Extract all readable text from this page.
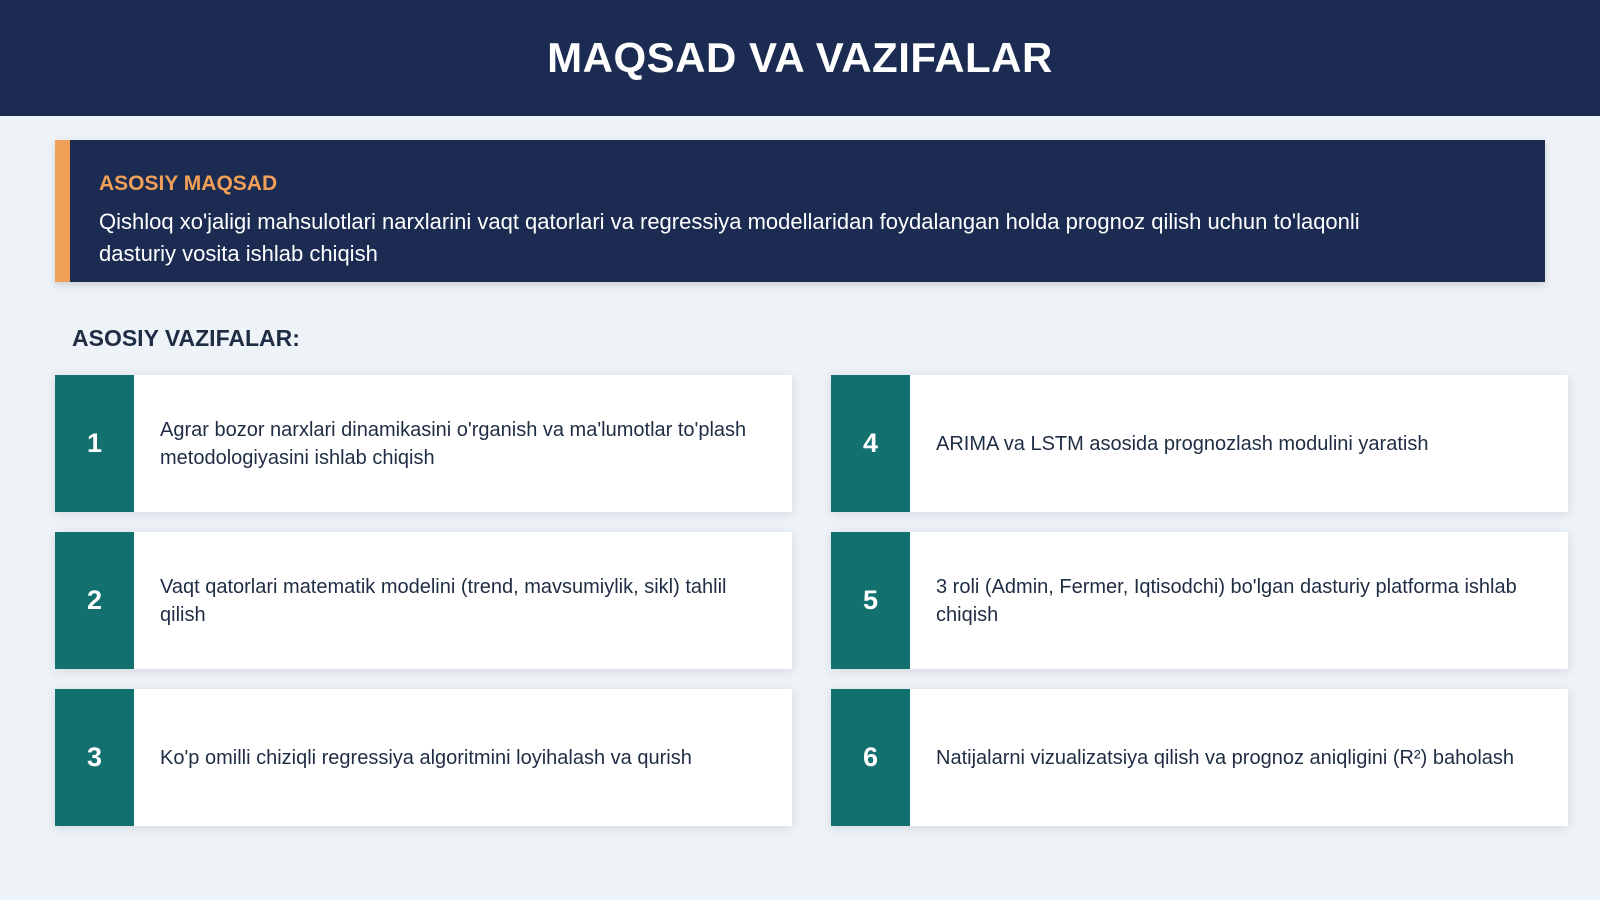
MAQSAD VA VAZIFALAR
ASOSIY MAQSAD
Qishloq xo'jaligi mahsulotlari narxlarini vaqt qatorlari va regressiya modellaridan foydalangan holda prognoz qilish uchun to'laqonli dasturiy vosita ishlab chiqish
ASOSIY VAZIFALAR:
1	Agrar bozor narxlari dinamikasini o'rganish va ma'lumotlar to'plash metodologiyasini ishlab chiqish
2	Vaqt qatorlari matematik modelini (trend, mavsumiylik, sikl) tahlil qilish
3	Ko'p omilli chiziqli regressiya algoritmini loyihalash va qurish
4	ARIMA va LSTM asosida prognozlash modulini yaratish
5	3 roli (Admin, Fermer, Iqtisodchi) bo'lgan dasturiy platforma ishlab chiqish
6	Natijalarni vizualizatsiya qilish va prognoz aniqligini (R²) baholash
